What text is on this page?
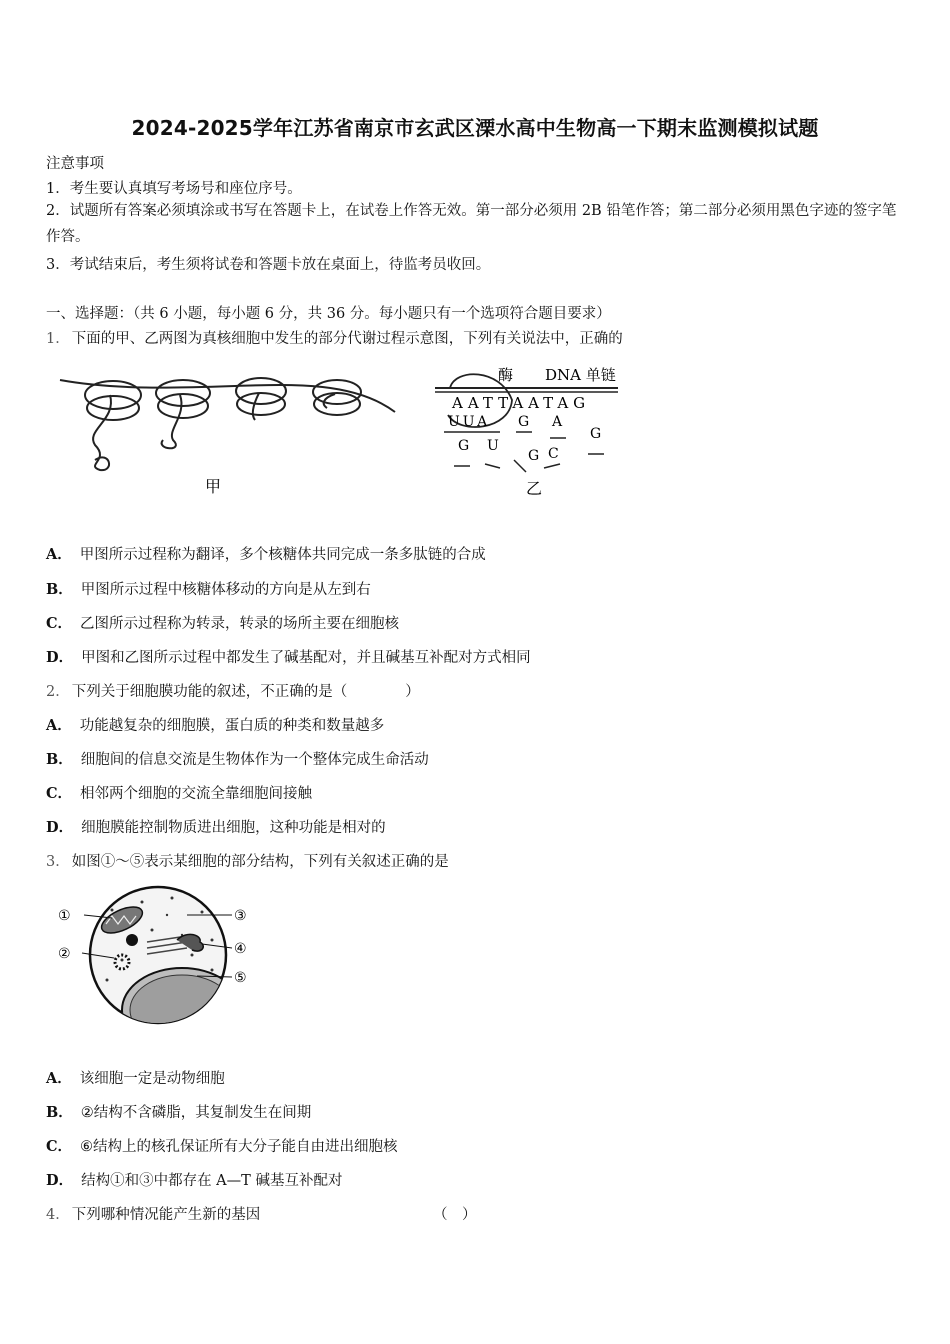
2024-2025学年江苏省南京市玄武区溧水高中生物高一下期末监测模拟试题
注意事项
1．考生要认真填写考场号和座位序号。
2．试题所有答案必须填涂或书写在答题卡上，在试卷上作答无效。第一部分必须用 2B 铅笔作答；第二部分必须用黑色字迹的签字笔作答。
3．考试结束后，考生须将试卷和答题卡放在桌面上，待监考员收回。
一、选择题：（共 6 小题，每小题 6 分，共 36 分。每小题只有一个选项符合题目要求）
1． 下面的甲、乙两图为真核细胞中发生的部分代谢过程示意图，下列有关说法中，正确的
甲
酶 DNA 单链
AATTAATAG
UUA G A
G U
G C
G
乙
A． 甲图所示过程称为翻译，多个核糖体共同完成一条多肽链的合成
B． 甲图所示过程中核糖体移动的方向是从左到右
C． 乙图所示过程称为转录，转录的场所主要在细胞核
D． 甲图和乙图所示过程中都发生了碱基配对，并且碱基互补配对方式相同
2． 下列关于细胞膜功能的叙述，不正确的是（　　　　）
A． 功能越复杂的细胞膜，蛋白质的种类和数量越多
B． 细胞间的信息交流是生物体作为一个整体完成生命活动
C． 相邻两个细胞的交流全靠细胞间接触
D． 细胞膜能控制物质进出细胞，这种功能是相对的
3． 如图①～⑤表示某细胞的部分结构，下列有关叙述正确的是
①
②
③
④
⑤
A． 该细胞一定是动物细胞
B． ②结构不含磷脂，其复制发生在间期
C． ⑥结构上的核孔保证所有大分子能自由进出细胞核
D． 结构①和③中都存在 A—T 碱基互补配对
4． 下列哪种情况能产生新的基因	（　）
